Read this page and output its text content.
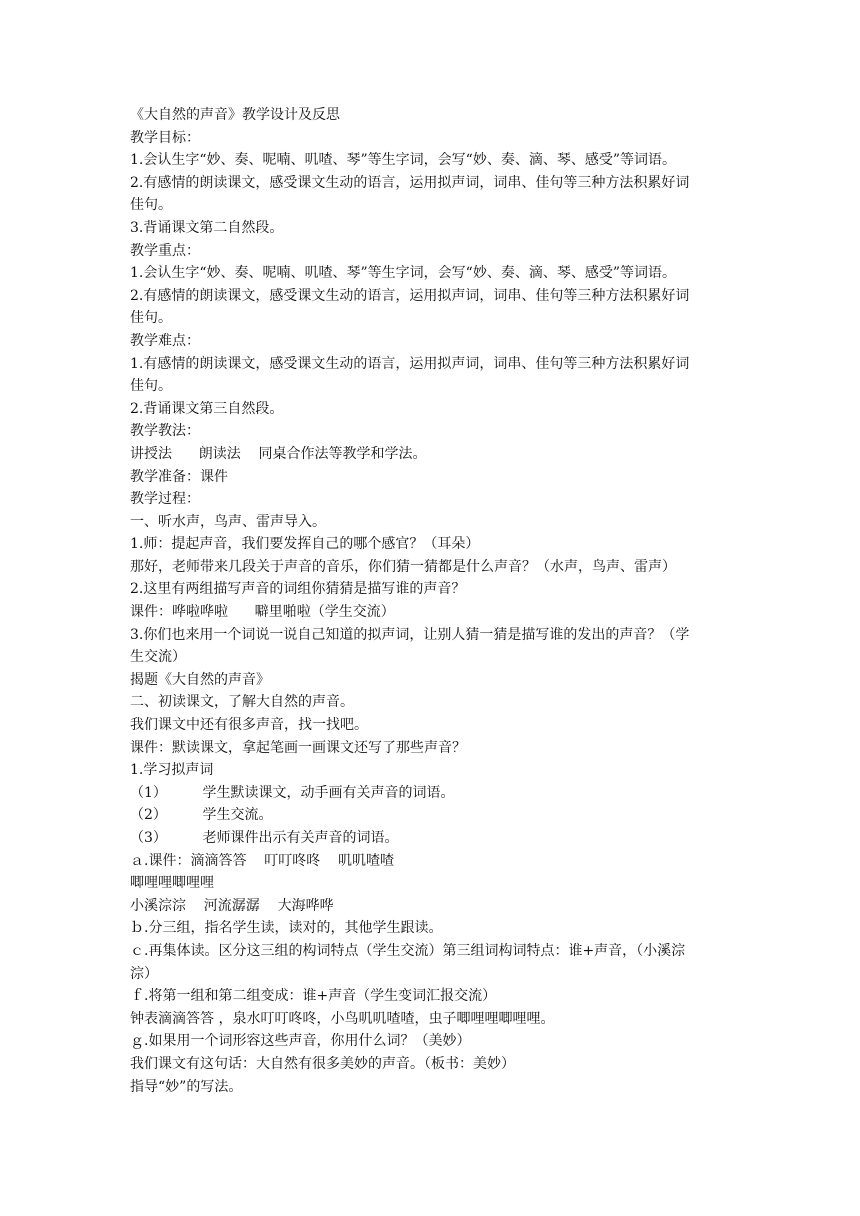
《大自然的声音》教学设计及反思

教学目标：

1.会认生字“妙、奏、呢喃、叽喳、琴”等生字词，会写“妙、奏、滴、琴、感受”等词语。

2.有感情的朗读课文，感受课文生动的语言，运用拟声词，词串、佳句等三种方法积累好词

佳句。

3.背诵课文第二自然段。

教学重点：

1.会认生字“妙、奏、呢喃、叽喳、琴”等生字词，会写“妙、奏、滴、琴、感受”等词语。

2.有感情的朗读课文，感受课文生动的语言，运用拟声词，词串、佳句等三种方法积累好词

佳句。

教学难点：

1.有感情的朗读课文，感受课文生动的语言，运用拟声词，词串、佳句等三种方法积累好词

佳句。

2.背诵课文第三自然段。

教学教法：

讲授法      朗读法    同桌合作法等教学和学法。

教学准备：课件

教学过程：

一、听水声，鸟声、雷声导入。

1.师：提起声音，我们要发挥自己的哪个感官？（耳朵）

那好，老师带来几段关于声音的音乐，你们猜一猜都是什么声音？（水声，鸟声、雷声）

2.这里有两组描写声音的词组你猜猜是描写谁的声音？

课件：哗啦哗啦      噼里啪啦（学生交流）

3.你们也来用一个词说一说自己知道的拟声词，让别人猜一猜是描写谁的发出的声音？（学

生交流）

揭题《大自然的声音》

二、初读课文，了解大自然的声音。

我们课文中还有很多声音，找一找吧。

课件：默读课文，拿起笔画一画课文还写了那些声音？

1.学习拟声词

（1）        学生默读课文，动手画有关声音的词语。

（2）        学生交流。

（3）        老师课件出示有关声音的词语。

ａ.课件：滴滴答答    叮叮咚咚    叽叽喳喳

唧哩哩唧哩哩

小溪淙淙    河流潺潺    大海哗哗

ｂ.分三组，指名学生读，读对的，其他学生跟读。

ｃ.再集体读。区分这三组的构词特点（学生交流）第三组词构词特点：谁+声音，（小溪淙

淙）

ｆ.将第一组和第二组变成：谁+声音（学生变词汇报交流）

钟表滴滴答答 ，泉水叮叮咚咚，小鸟叽叽喳喳，虫子唧哩哩唧哩哩。

ｇ.如果用一个词形容这些声音，你用什么词？（美妙）

我们课文有这句话：大自然有很多美妙的声音。（板书：美妙）

指导“妙”的写法。
